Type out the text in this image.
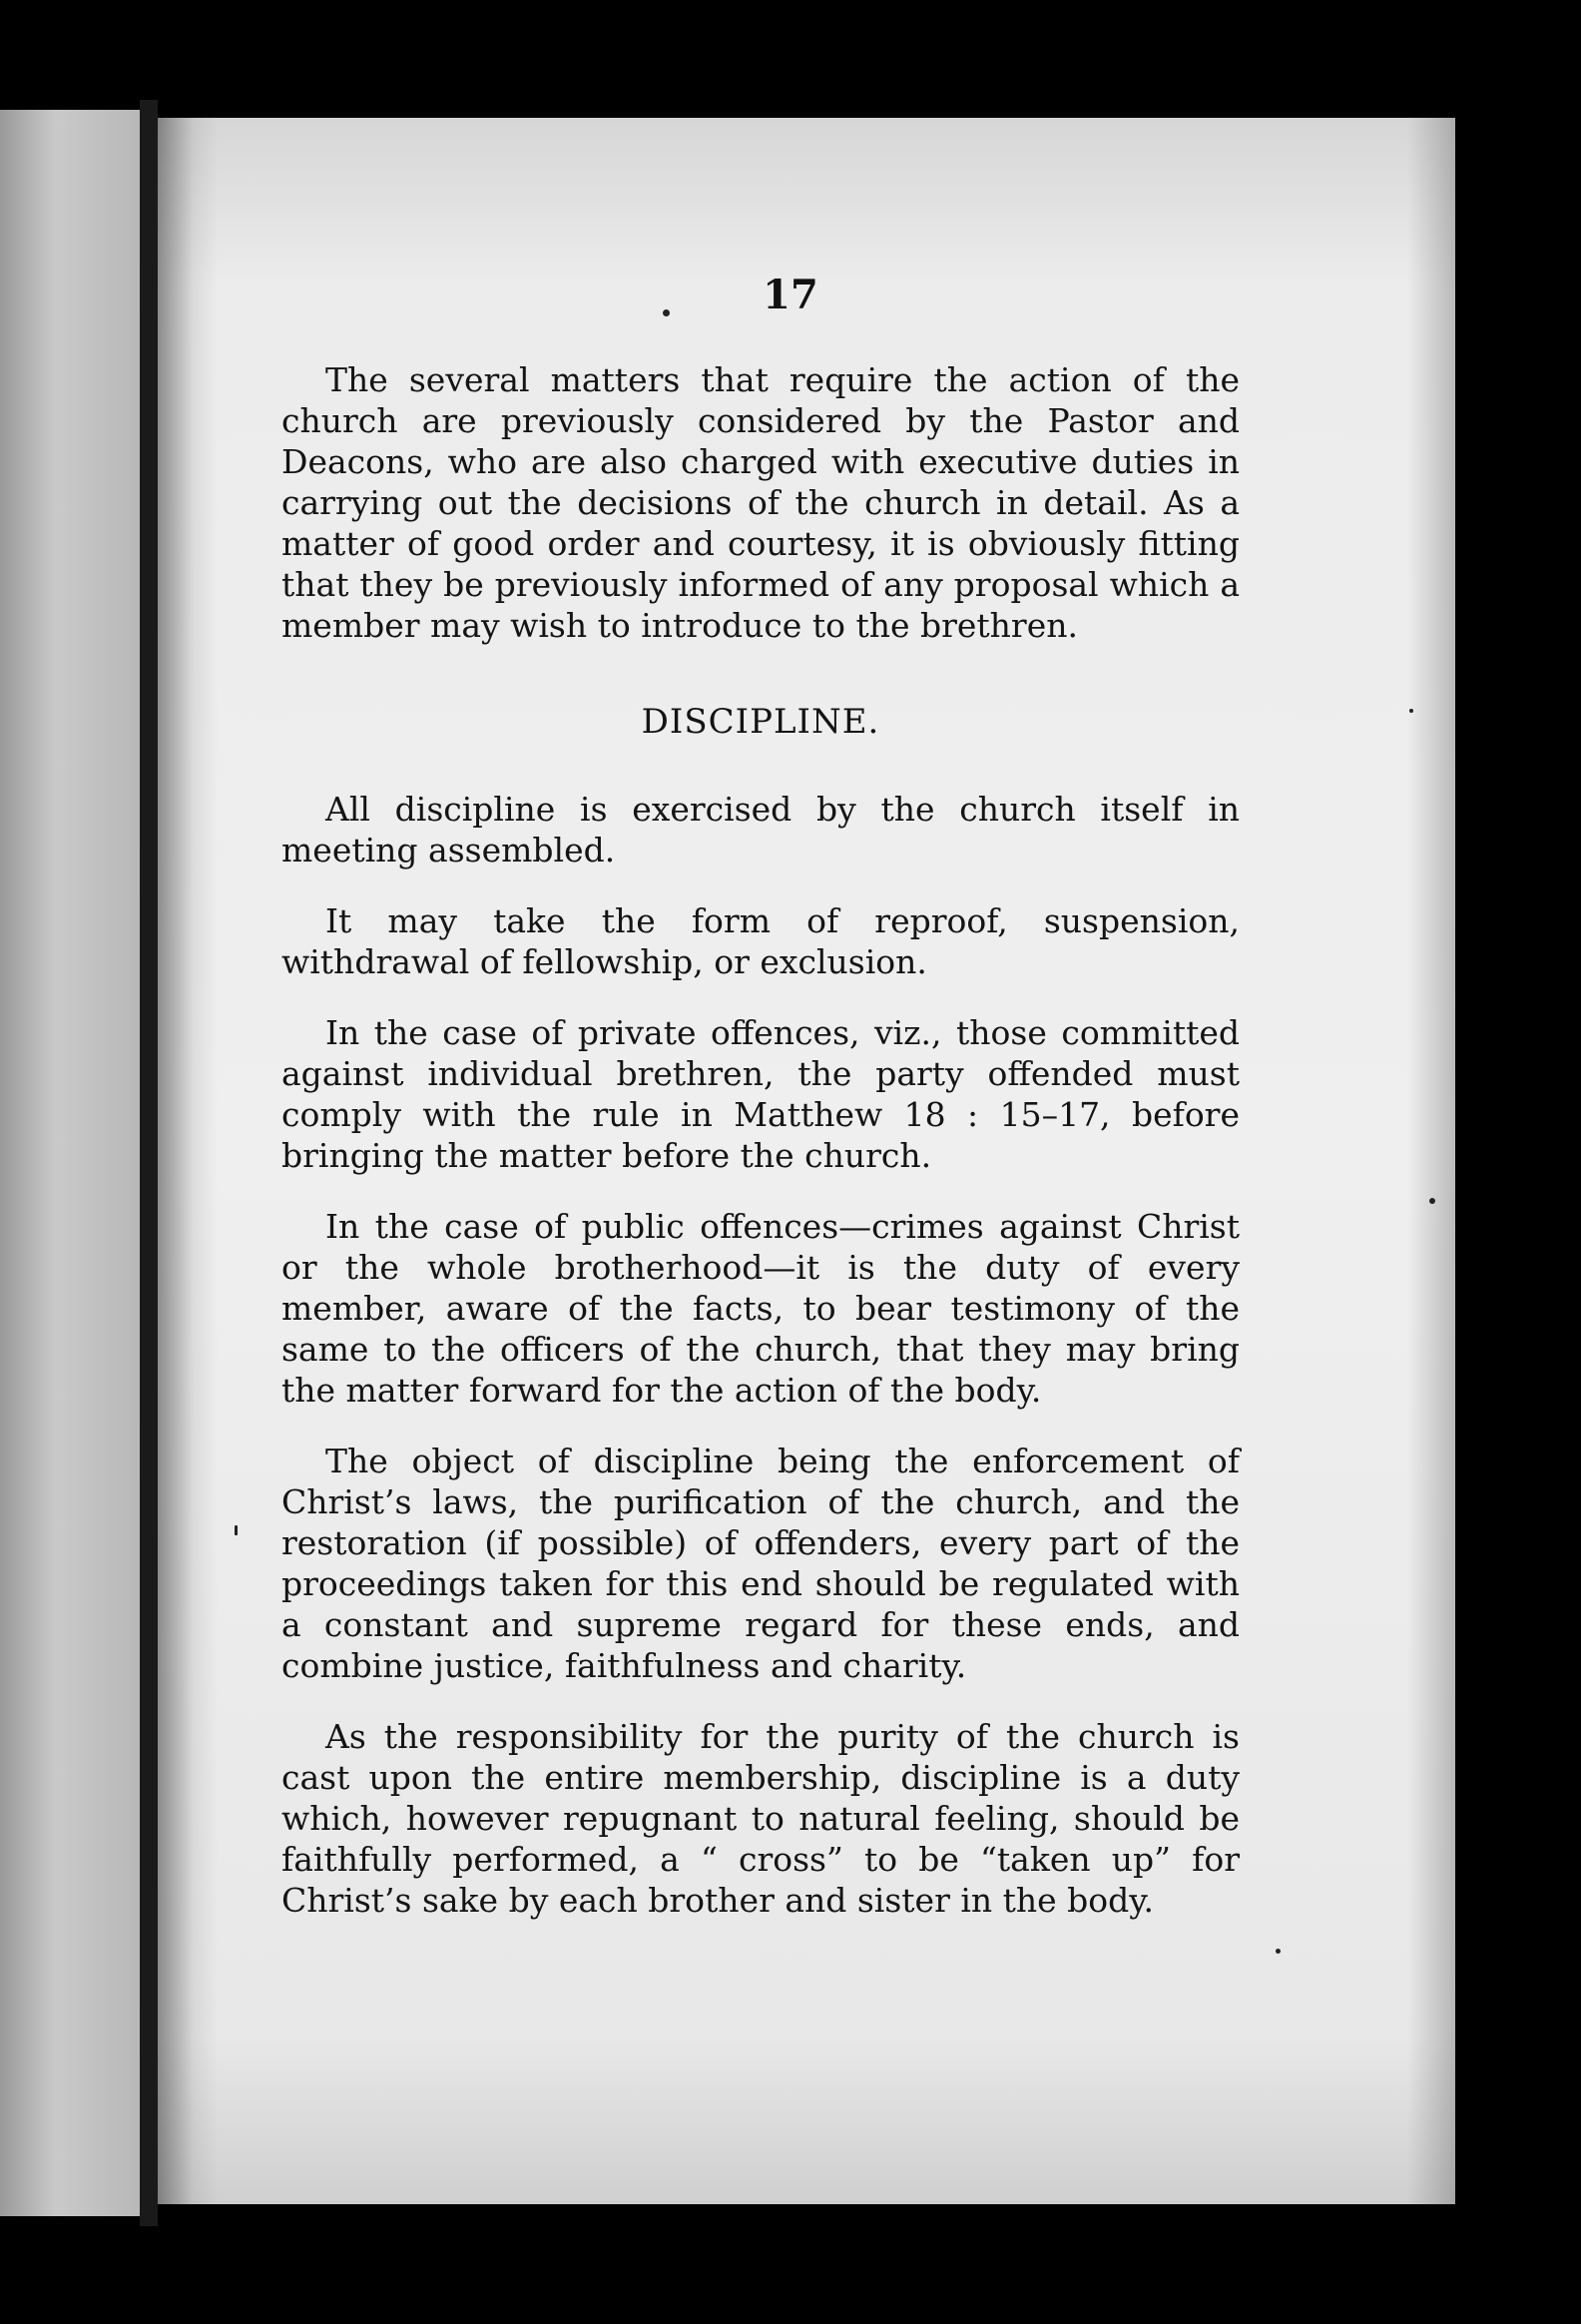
17

The several matters that require the action of the church are previously considered by the Pastor and Deacons, who are also charged with executive duties in carrying out the decisions of the church in detail. As a matter of good order and courtesy, it is obviously fitting that they be previously informed of any proposal which a member may wish to introduce to the brethren.

DISCIPLINE.

All discipline is exercised by the church itself in meeting assembled.

It may take the form of reproof, suspension, withdrawal of fellowship, or exclusion.

In the case of private offences, viz., those committed against individual brethren, the party offended must comply with the rule in Matthew 18 : 15–17, before bringing the matter before the church.

In the case of public offences—crimes against Christ or the whole brotherhood—it is the duty of every member, aware of the facts, to bear testimony of the same to the officers of the church, that they may bring the matter forward for the action of the body.

The object of discipline being the enforcement of Christ’s laws, the purification of the church, and the restoration (if possible) of offenders, every part of the proceedings taken for this end should be regulated with a constant and supreme regard for these ends, and combine justice, faithfulness and charity.

As the responsibility for the purity of the church is cast upon the entire membership, discipline is a duty which, however repugnant to natural feeling, should be faithfully performed, a “ cross” to be “taken up” for Christ’s sake by each brother and sister in the body.
